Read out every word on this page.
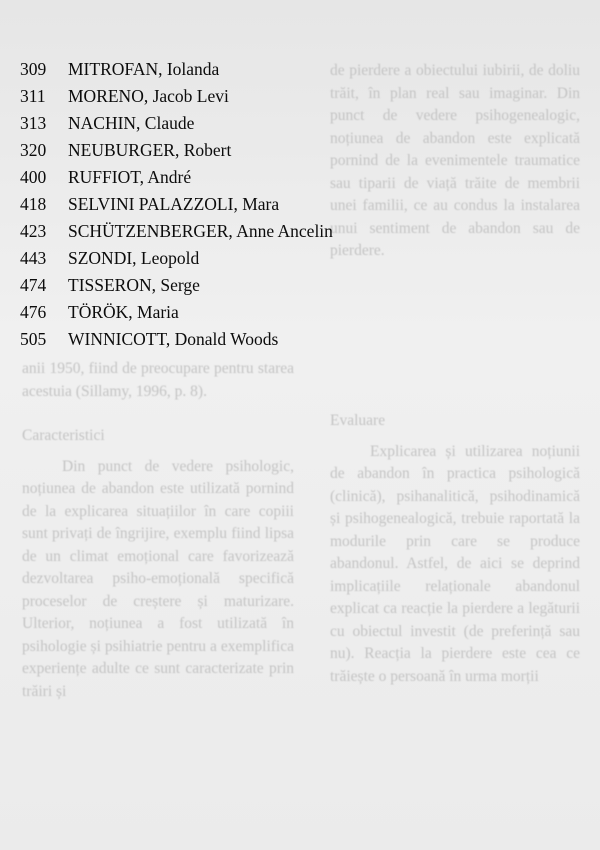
de pierdere a obiectului iubirii, de doliu trăit, în plan real sau imaginar. Din punct de vedere psihogenealogic, noțiunea de abandon este explicată pornind de la evenimentele traumatice sau tiparii de viață trăite de membrii unei familii, ce au condus la instalarea unui sentiment de abandon sau de pierdere.

anii 1950, fiind de preocupare pentru starea acestuia (Sillamy, 1996, p. 8).

Caracteristici

Din punct de vedere psihologic, noțiunea de abandon este utilizată pornind de la explicarea situațiilor în care copiii sunt privați de îngrijire, exemplu fiind lipsa de un climat emoțional care favorizează dezvoltarea psiho-emoțională specifică proceselor de creștere și maturizare. Ulterior, noțiunea a fost utilizată în psihologie și psihiatrie pentru a exemplifica experiențe adulte ce sunt caracterizate prin trăiri și

Evaluare

Explicarea și utilizarea noțiunii de abandon în practica psihologică (clinică), psihanalitică, psihodinamică și psihogenealogică, trebuie raportată la modurile prin care se produce abandonul. Astfel, de aici se deprind implicațiile relaționale abandonul explicat ca reacție la pierdere a legăturii cu obiectul investit (de preferință sau nu). Reacția la pierdere este cea ce trăiește o persoană în urma morții

309	MITROFAN, Iolanda
311	MORENO, Jacob Levi
313	NACHIN, Claude
320	NEUBURGER, Robert
400	RUFFIOT, André
418	SELVINI PALAZZOLI, Mara
423	SCHÜTZENBERGER, Anne Ancelin
443	SZONDI, Leopold
474	TISSERON, Serge
476	TÖRÖK, Maria
505	WINNICOTT, Donald Woods
